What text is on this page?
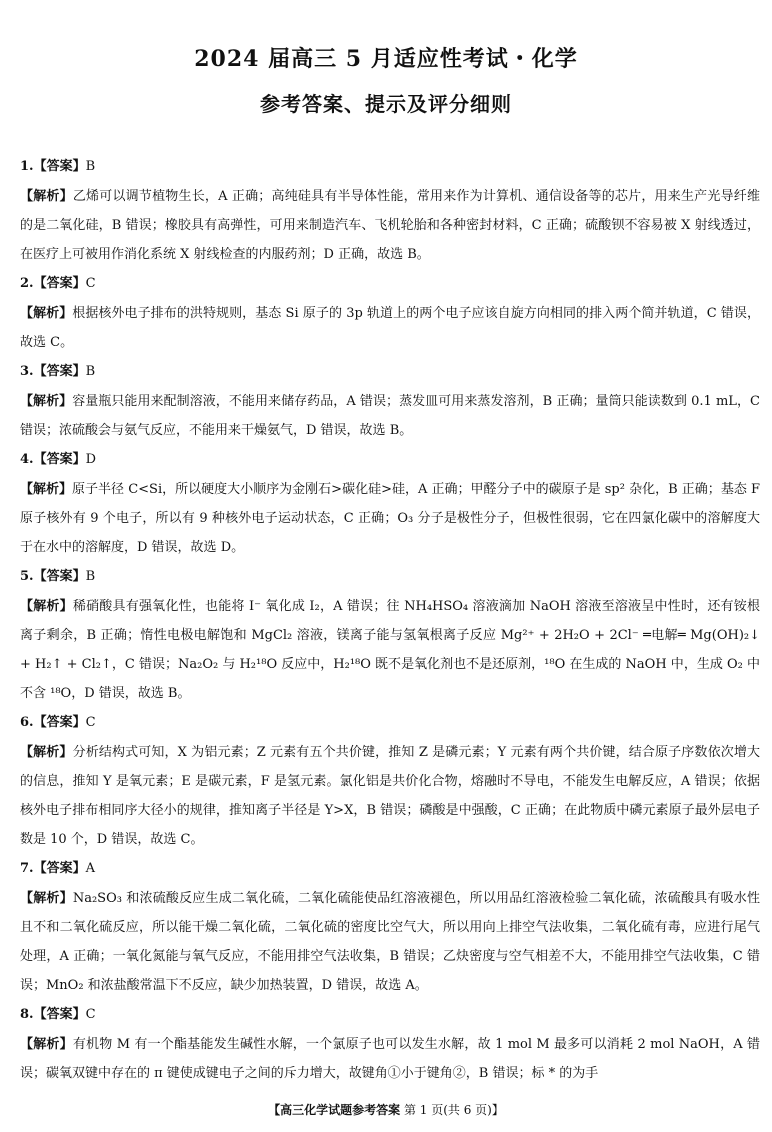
2024 届高三 5 月适应性考试・化学
参考答案、提示及评分细则

1.【答案】B

【解析】乙烯可以调节植物生长，A 正确；高纯硅具有半导体性能，常用来作为计算机、通信设备等的芯片，用来生产光导纤维的是二氧化硅，B 错误；橡胶具有高弹性，可用来制造汽车、飞机轮胎和各种密封材料，C 正确；硫酸钡不容易被 X 射线透过，在医疗上可被用作消化系统 X 射线检查的内服药剂；D 正确，故选 B。

2.【答案】C

【解析】根据核外电子排布的洪特规则，基态 Si 原子的 3p 轨道上的两个电子应该自旋方向相同的排入两个简并轨道，C 错误，故选 C。

3.【答案】B

【解析】容量瓶只能用来配制溶液，不能用来储存药品，A 错误；蒸发皿可用来蒸发溶剂，B 正确；量筒只能读数到 0.1 mL，C 错误；浓硫酸会与氨气反应，不能用来干燥氨气，D 错误，故选 B。

4.【答案】D

【解析】原子半径 C<Si，所以硬度大小顺序为金刚石>碳化硅>硅，A 正确；甲醛分子中的碳原子是 sp² 杂化，B 正确；基态 F 原子核外有 9 个电子，所以有 9 种核外电子运动状态，C 正确；O₃ 分子是极性分子，但极性很弱，它在四氯化碳中的溶解度大于在水中的溶解度，D 错误，故选 D。

5.【答案】B

【解析】稀硝酸具有强氧化性，也能将 I⁻ 氧化成 I₂，A 错误；往 NH₄HSO₄ 溶液滴加 NaOH 溶液至溶液呈中性时，还有铵根离子剩余，B 正确；惰性电极电解饱和 MgCl₂ 溶液，镁离子能与氢氧根离子反应 Mg²⁺ + 2H₂O + 2Cl⁻ ═电解═ Mg(OH)₂↓ + H₂↑ + Cl₂↑，C 错误；Na₂O₂ 与 H₂¹⁸O 反应中，H₂¹⁸O 既不是氧化剂也不是还原剂，¹⁸O 在生成的 NaOH 中，生成 O₂ 中不含 ¹⁸O，D 错误，故选 B。

6.【答案】C

【解析】分析结构式可知，X 为铝元素；Z 元素有五个共价键，推知 Z 是磷元素；Y 元素有两个共价键，结合原子序数依次增大的信息，推知 Y 是氧元素；E 是碳元素，F 是氢元素。氯化铝是共价化合物，熔融时不导电，不能发生电解反应，A 错误；依据核外电子排布相同序大径小的规律，推知离子半径是 Y>X，B 错误；磷酸是中强酸，C 正确；在此物质中磷元素原子最外层电子数是 10 个，D 错误，故选 C。

7.【答案】A

【解析】Na₂SO₃ 和浓硫酸反应生成二氧化硫，二氧化硫能使品红溶液褪色，所以用品红溶液检验二氧化硫，浓硫酸具有吸水性且不和二氧化硫反应，所以能干燥二氧化硫，二氧化硫的密度比空气大，所以用向上排空气法收集，二氧化硫有毒，应进行尾气处理，A 正确；一氧化氮能与氧气反应，不能用排空气法收集，B 错误；乙炔密度与空气相差不大，不能用排空气法收集，C 错误；MnO₂ 和浓盐酸常温下不反应，缺少加热装置，D 错误，故选 A。

8.【答案】C

【解析】有机物 M 有一个酯基能发生碱性水解，一个氯原子也可以发生水解，故 1 mol M 最多可以消耗 2 mol NaOH，A 错误；碳氧双键中存在的 π 键使成键电子之间的斥力增大，故键角①小于键角②，B 错误；标 * 的为手

【高三化学试题参考答案 第 1 页(共 6 页)】
